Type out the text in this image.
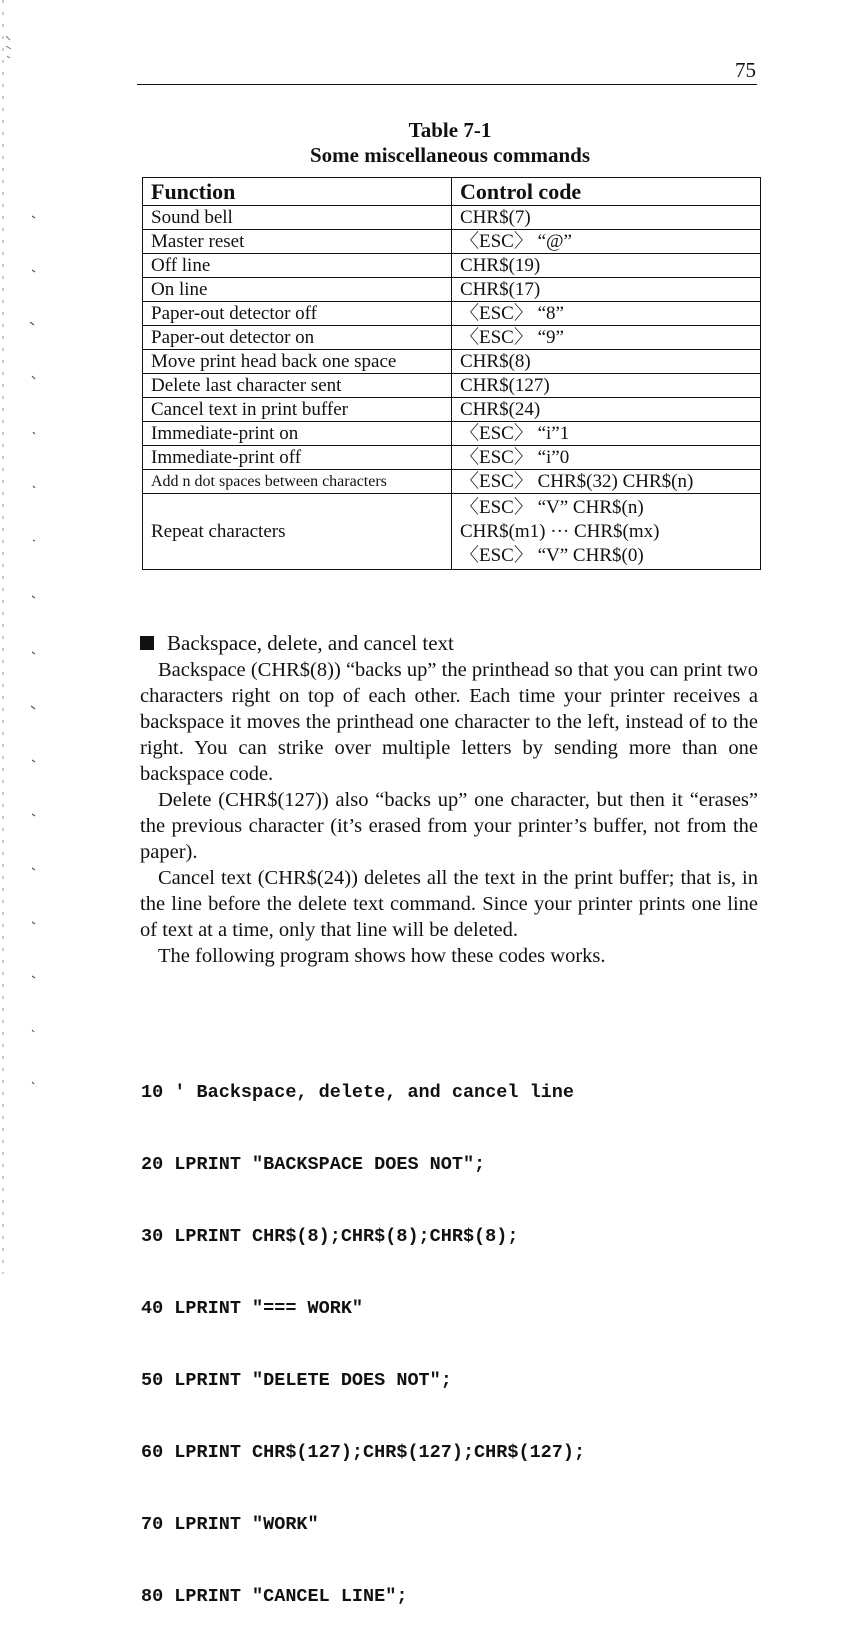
75
Table 7-1
Some miscellaneous commands
Function	Control code
Sound bell	CHR$(7)
Master reset	〈ESC〉 “@”
Off line	CHR$(19)
On line	CHR$(17)
Paper-out detector off	〈ESC〉 “8”
Paper-out detector on	〈ESC〉 “9”
Move print head back one space	CHR$(8)
Delete last character sent	CHR$(127)
Cancel text in print buffer	CHR$(24)
Immediate-print on	〈ESC〉 “i”1
Immediate-print off	〈ESC〉 “i”0
Add n dot spaces between characters	〈ESC〉 CHR$(32) CHR$(n)
Repeat characters	〈ESC〉 “V” CHR$(n)
CHR$(m1) ··· CHR$(mx)
〈ESC〉 “V” CHR$(0)
Backspace, delete, and cancel text

Backspace (CHR$(8)) “backs up” the printhead so that you can print two characters right on top of each other. Each time your printer receives a backspace it moves the printhead one character to the left, instead of to the right. You can strike over multiple letters by sending more than one backspace code.

Delete (CHR$(127)) also “backs up” one character, but then it “erases” the previous character (it’s erased from your printer’s buffer, not from the paper).

Cancel text (CHR$(24)) deletes all the text in the print buffer; that is, in the line before the delete text command. Since your printer prints one line of text at a time, only that line will be deleted.

The following program shows how these codes works.

10 ' Backspace, delete, and cancel line

20 LPRINT "BACKSPACE DOES NOT";

30 LPRINT CHR$(8);CHR$(8);CHR$(8);

40 LPRINT "=== WORK"

50 LPRINT "DELETE DOES NOT";

60 LPRINT CHR$(127);CHR$(127);CHR$(127);

70 LPRINT "WORK"

80 LPRINT "CANCEL LINE";
